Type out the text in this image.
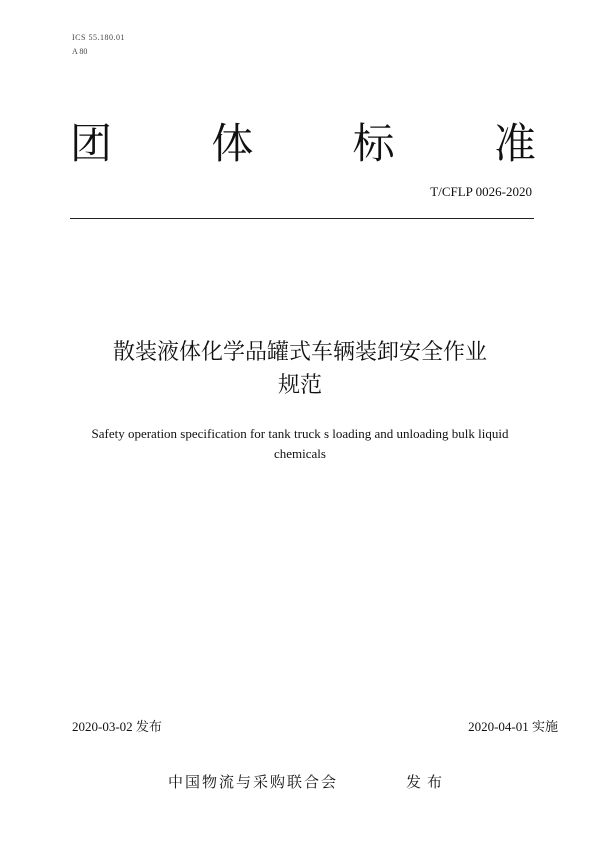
ICS 55.180.01
A 80
团 体 标 准
T/CFLP 0026-2020
散装液体化学品罐式车辆装卸安全作业
规范
Safety operation specification for tank truck s loading and unloading bulk liquid
chemicals
2020-03-02 发布	2020-04-01 实施
中国物流与采购联合会	发布
